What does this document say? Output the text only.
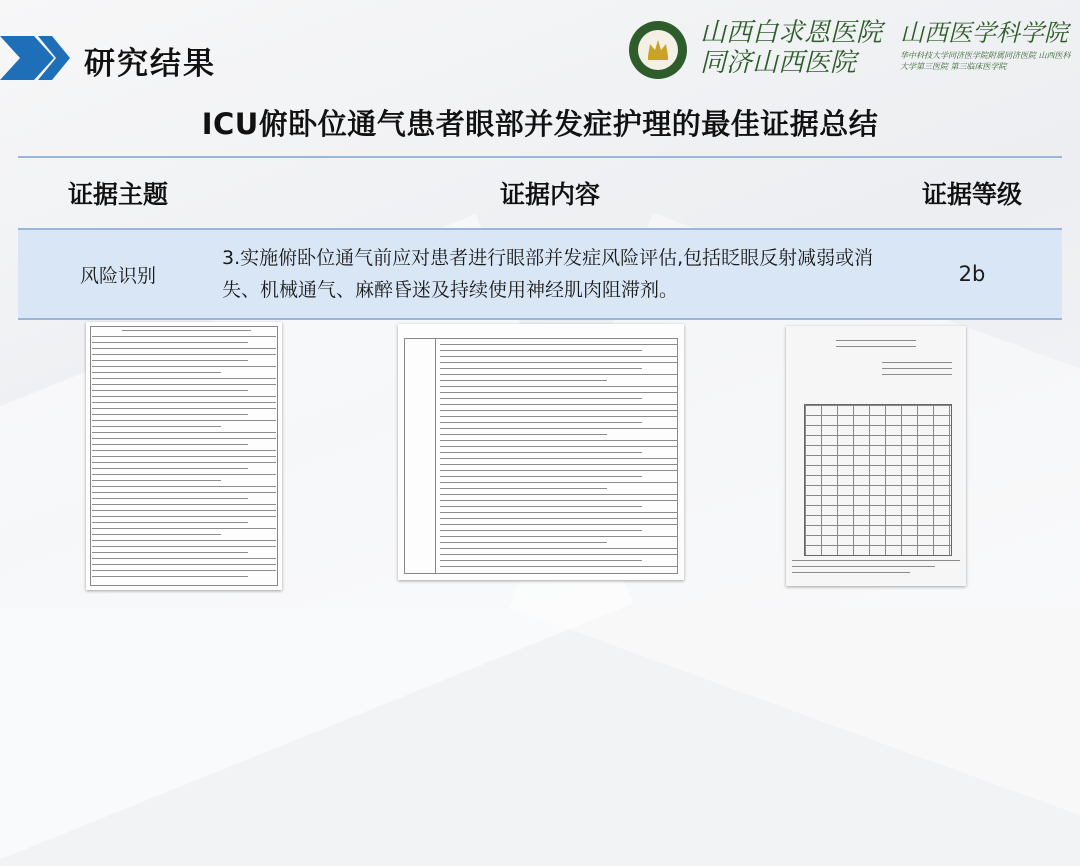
研究结果
山西白求恩医院 同济山西医院
山西医学科学院
华中科技大学同济医学院附属同济医院 山西医科大学第三医院 第三临床医学院
ICU俯卧位通气患者眼部并发症护理的最佳证据总结
证据主题	证据内容	证据等级
风险识别
3.实施俯卧位通气前应对患者进行眼部并发症风险评估,包括眨眼反射减弱或消失、机械通气、麻醉昏迷及持续使用神经肌肉阻滞剂。
2b
